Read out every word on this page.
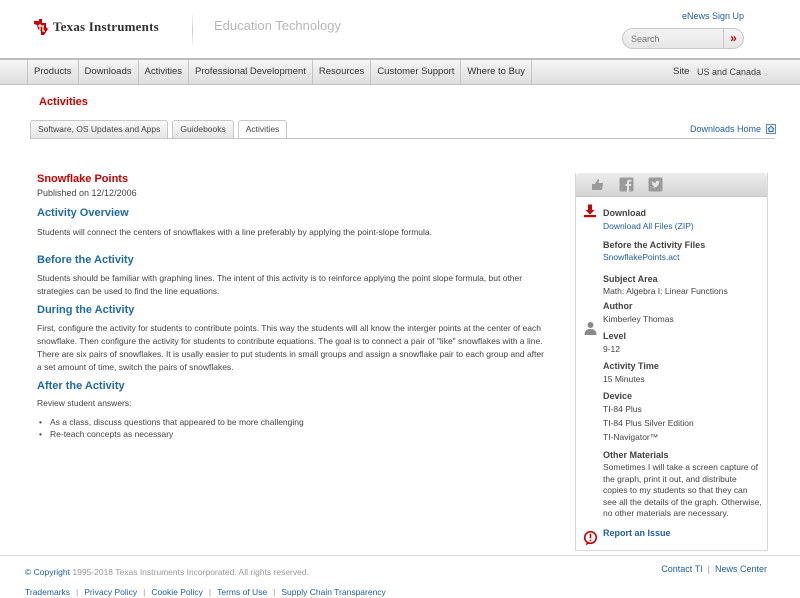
Texas Instruments	Education Technology
eNews Sign Up
Search
»
Products	Downloads	Activities	Professional Development	Resources	Customer Support	Where to Buy	Site US and Canada
Activities
Software, OS Updates and Apps	Guidebooks	Activities	Downloads Home
Snowflake Points
Published on 12/12/2006
Activity Overview
Students will connect the centers of snowflakes with a line preferably by applying the point-slope formula.
Before the Activity
Students should be familiar with graphing lines. The intent of this activity is to reinforce applying the point slope formula, but other strategies can be used to find the line equations.
During the Activity
First, configure the activity for students to contribute points. This way the students will all know the interger points at the center of each snowflake. Then configure the activity for students to contribute equations. The goal is to connect a pair of "like" snowflakes with a line. There are six pairs of snowflakes. It is usally easier to put students in small groups and assign a snowflake pair to each group and after a set amount of time, switch the pairs of snowflakes.
After the Activity
Review student answers:
• As a class, discuss questions that appeared to be more challenging
• Re-teach concepts as necessary
Download
Download All Files (ZIP)
Before the Activity Files
SnowflakePoints.act
Subject Area
Math: Algebra I: Linear Functions
Author
Kimberley Thomas
Level
9-12
Activity Time
15 Minutes
Device
TI-84 Plus
TI-84 Plus Silver Edition
TI-Navigator™
Other Materials
Sometimes I will take a screen capture of the graph, print it out, and distribute copies to my students so that they can see all the details of the graph. Otherwise, no other materials are necessary.
Report an Issue
© Copyright 1995-2018 Texas Instruments Incorporated. All rights reserved.	Contact TI | News Center
Trademarks | Privacy Policy | Cookie Policy | Terms of Use | Supply Chain Transparency
